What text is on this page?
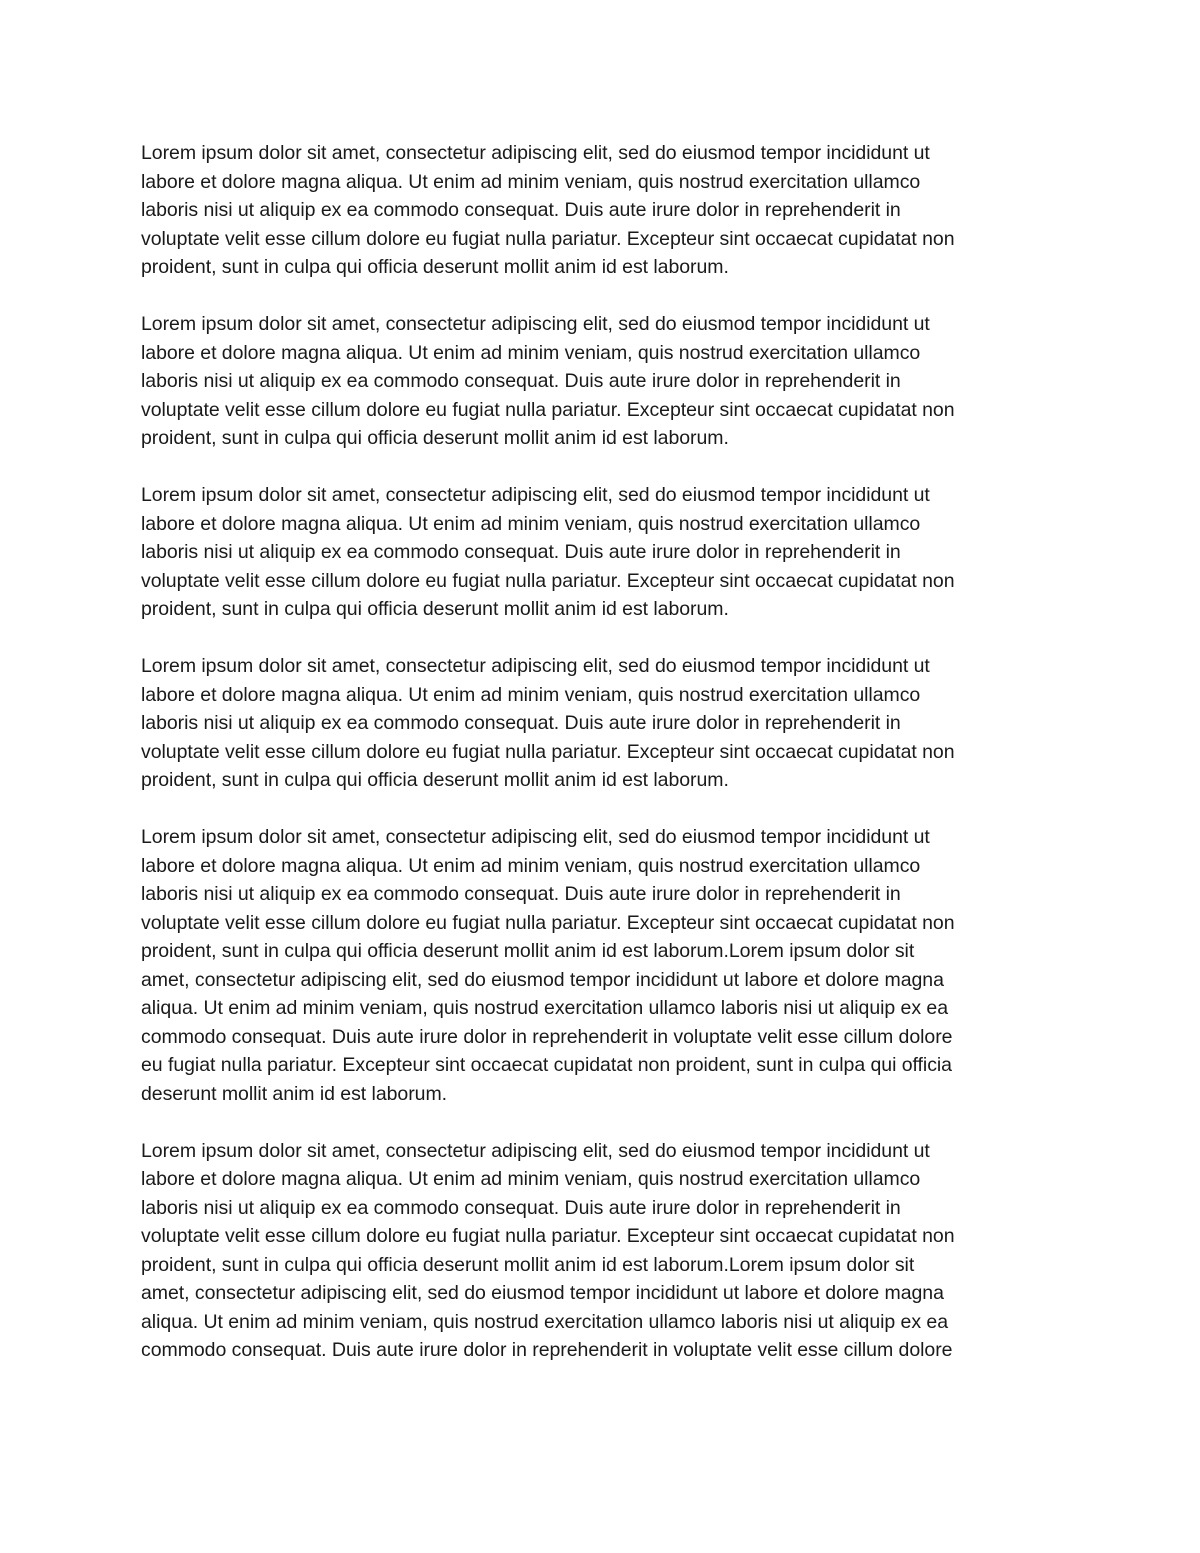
Lorem ipsum dolor sit amet, consectetur adipiscing elit, sed do eiusmod tempor incididunt ut
labore et dolore magna aliqua. Ut enim ad minim veniam, quis nostrud exercitation ullamco
laboris nisi ut aliquip ex ea commodo consequat. Duis aute irure dolor in reprehenderit in
voluptate velit esse cillum dolore eu fugiat nulla pariatur. Excepteur sint occaecat cupidatat non
proident, sunt in culpa qui officia deserunt mollit anim id est laborum.

Lorem ipsum dolor sit amet, consectetur adipiscing elit, sed do eiusmod tempor incididunt ut
labore et dolore magna aliqua. Ut enim ad minim veniam, quis nostrud exercitation ullamco
laboris nisi ut aliquip ex ea commodo consequat. Duis aute irure dolor in reprehenderit in
voluptate velit esse cillum dolore eu fugiat nulla pariatur. Excepteur sint occaecat cupidatat non
proident, sunt in culpa qui officia deserunt mollit anim id est laborum.

Lorem ipsum dolor sit amet, consectetur adipiscing elit, sed do eiusmod tempor incididunt ut
labore et dolore magna aliqua. Ut enim ad minim veniam, quis nostrud exercitation ullamco
laboris nisi ut aliquip ex ea commodo consequat. Duis aute irure dolor in reprehenderit in
voluptate velit esse cillum dolore eu fugiat nulla pariatur. Excepteur sint occaecat cupidatat non
proident, sunt in culpa qui officia deserunt mollit anim id est laborum.

Lorem ipsum dolor sit amet, consectetur adipiscing elit, sed do eiusmod tempor incididunt ut
labore et dolore magna aliqua. Ut enim ad minim veniam, quis nostrud exercitation ullamco
laboris nisi ut aliquip ex ea commodo consequat. Duis aute irure dolor in reprehenderit in
voluptate velit esse cillum dolore eu fugiat nulla pariatur. Excepteur sint occaecat cupidatat non
proident, sunt in culpa qui officia deserunt mollit anim id est laborum.

Lorem ipsum dolor sit amet, consectetur adipiscing elit, sed do eiusmod tempor incididunt ut
labore et dolore magna aliqua. Ut enim ad minim veniam, quis nostrud exercitation ullamco
laboris nisi ut aliquip ex ea commodo consequat. Duis aute irure dolor in reprehenderit in
voluptate velit esse cillum dolore eu fugiat nulla pariatur. Excepteur sint occaecat cupidatat non
proident, sunt in culpa qui officia deserunt mollit anim id est laborum.Lorem ipsum dolor sit
amet, consectetur adipiscing elit, sed do eiusmod tempor incididunt ut labore et dolore magna
aliqua. Ut enim ad minim veniam, quis nostrud exercitation ullamco laboris nisi ut aliquip ex ea
commodo consequat. Duis aute irure dolor in reprehenderit in voluptate velit esse cillum dolore
eu fugiat nulla pariatur. Excepteur sint occaecat cupidatat non proident, sunt in culpa qui officia
deserunt mollit anim id est laborum.

Lorem ipsum dolor sit amet, consectetur adipiscing elit, sed do eiusmod tempor incididunt ut
labore et dolore magna aliqua. Ut enim ad minim veniam, quis nostrud exercitation ullamco
laboris nisi ut aliquip ex ea commodo consequat. Duis aute irure dolor in reprehenderit in
voluptate velit esse cillum dolore eu fugiat nulla pariatur. Excepteur sint occaecat cupidatat non
proident, sunt in culpa qui officia deserunt mollit anim id est laborum.Lorem ipsum dolor sit
amet, consectetur adipiscing elit, sed do eiusmod tempor incididunt ut labore et dolore magna
aliqua. Ut enim ad minim veniam, quis nostrud exercitation ullamco laboris nisi ut aliquip ex ea
commodo consequat. Duis aute irure dolor in reprehenderit in voluptate velit esse cillum dolore
